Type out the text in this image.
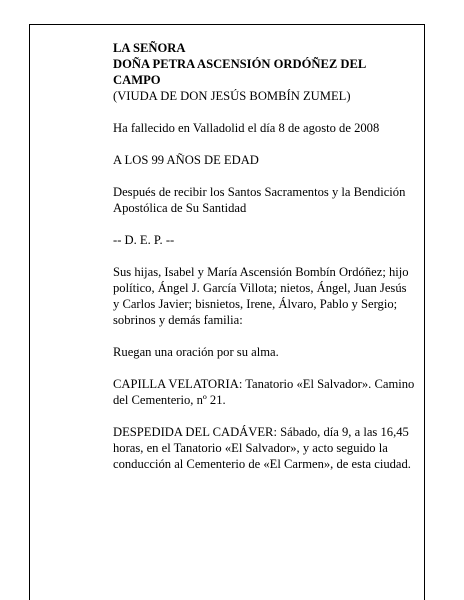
LA SEÑORA

DOÑA PETRA ASCENSIÓN ORDÓÑEZ DEL CAMPO

(VIUDA DE DON JESÚS BOMBÍN ZUMEL)

Ha fallecido en Valladolid el día 8 de agosto de 2008

A LOS 99 AÑOS DE EDAD

Después de recibir los Santos Sacramentos y la Bendición Apostólica de Su Santidad

-- D. E. P. --

Sus hijas, Isabel y María Ascensión Bombín Ordóñez; hijo político, Ángel J. García Villota; nietos, Ángel, Juan Jesús y Carlos Javier; bisnietos, Irene, Álvaro, Pablo y Sergio; sobrinos y demás familia:

Ruegan una oración por su alma.

CAPILLA VELATORIA: Tanatorio «El Salvador». Camino del Cementerio, nº 21.

DESPEDIDA DEL CADÁVER: Sábado, día 9, a las 16,45 horas, en el Tanatorio «El Salvador», y acto seguido la conducción al Cementerio de «El Carmen», de esta ciudad.
